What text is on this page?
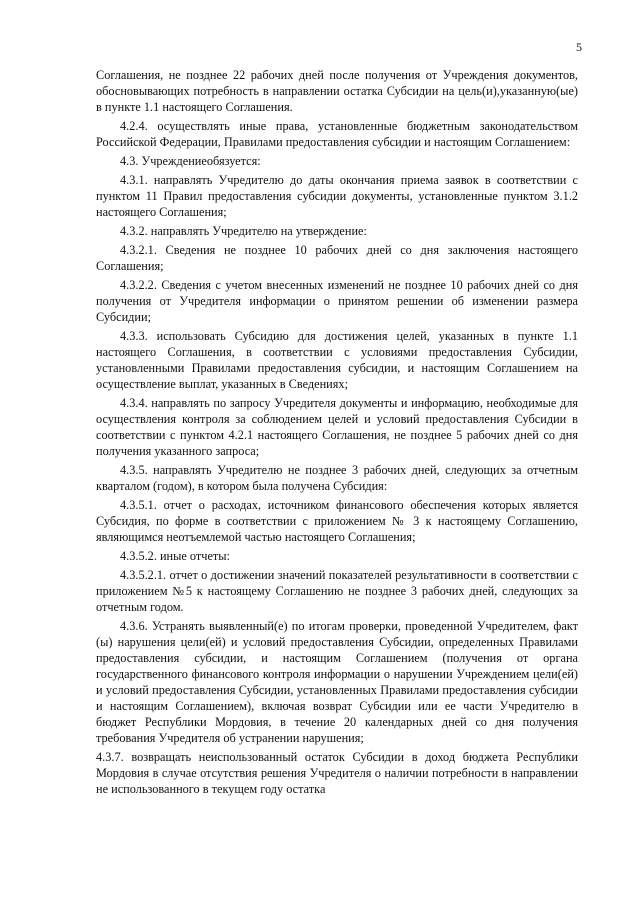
5

Соглашения, не позднее 22 рабочих дней после получения от Учреждения документов, обосновывающих потребность в направлении остатка Субсидии на цель(и),указанную(ые) в пункте 1.1 настоящего Соглашения.

4.2.4. осуществлять иные права, установленные бюджетным законодательством Российской Федерации, Правилами предоставления субсидии и настоящим Соглашением:

4.3. Учреждениеобязуется:

4.3.1. направлять Учредителю до даты окончания приема заявок в соответствии с пунктом 11 Правил предоставления субсидии документы, установленные пунктом 3.1.2 настоящего Соглашения;

4.3.2. направлять Учредителю на утверждение:

4.3.2.1. Сведения не позднее 10 рабочих дней со дня заключения настоящего Соглашения;

4.3.2.2. Сведения с учетом внесенных изменений не позднее 10 рабочих дней со дня получения от Учредителя информации о принятом решении об изменении размера Субсидии;

4.3.3. использовать Субсидию для достижения целей, указанных в пункте 1.1 настоящего Соглашения, в соответствии с условиями предоставления Субсидии, установленными Правилами предоставления субсидии, и настоящим Соглашением на осуществление выплат, указанных в Сведениях;

4.3.4. направлять по запросу Учредителя документы и информацию, необходимые для осуществления контроля за соблюдением целей и условий предоставления Субсидии в соответствии с пунктом 4.2.1 настоящего Соглашения, не позднее 5 рабочих дней со дня получения указанного запроса;

4.3.5. направлять Учредителю не позднее 3 рабочих дней, следующих за отчетным кварталом (годом), в котором была получена Субсидия:

4.3.5.1. отчет о расходах, источником финансового обеспечения которых является Субсидия, по форме в соответствии с приложением № 3 к настоящему Соглашению, являющимся неотъемлемой частью настоящего Соглашения;

4.3.5.2. иные отчеты:

4.3.5.2.1. отчет о достижении значений показателей результативности в соответствии с приложением №5 к настоящему Соглашению не позднее 3 рабочих дней, следующих за отчетным годом.

4.3.6. Устранять выявленный(е) по итогам проверки, проведенной Учредителем, факт (ы) нарушения цели(ей) и условий предоставления Субсидии, определенных Правилами предоставления субсидии, и настоящим Соглашением (получения от органа государственного финансового контроля информации о нарушении Учреждением цели(ей) и условий предоставления Субсидии, установленных Правилами предоставления субсидии и настоящим Соглашением), включая возврат Субсидии или ее части Учредителю в бюджет Республики Мордовия, в течение 20 календарных дней со дня получения требования Учредителя об устранении нарушения;

4.3.7. возвращать неиспользованный остаток Субсидии в доход бюджета Республики Мордовия в случае отсутствия решения Учредителя о наличии потребности в направлении не использованного в текущем году остатка
